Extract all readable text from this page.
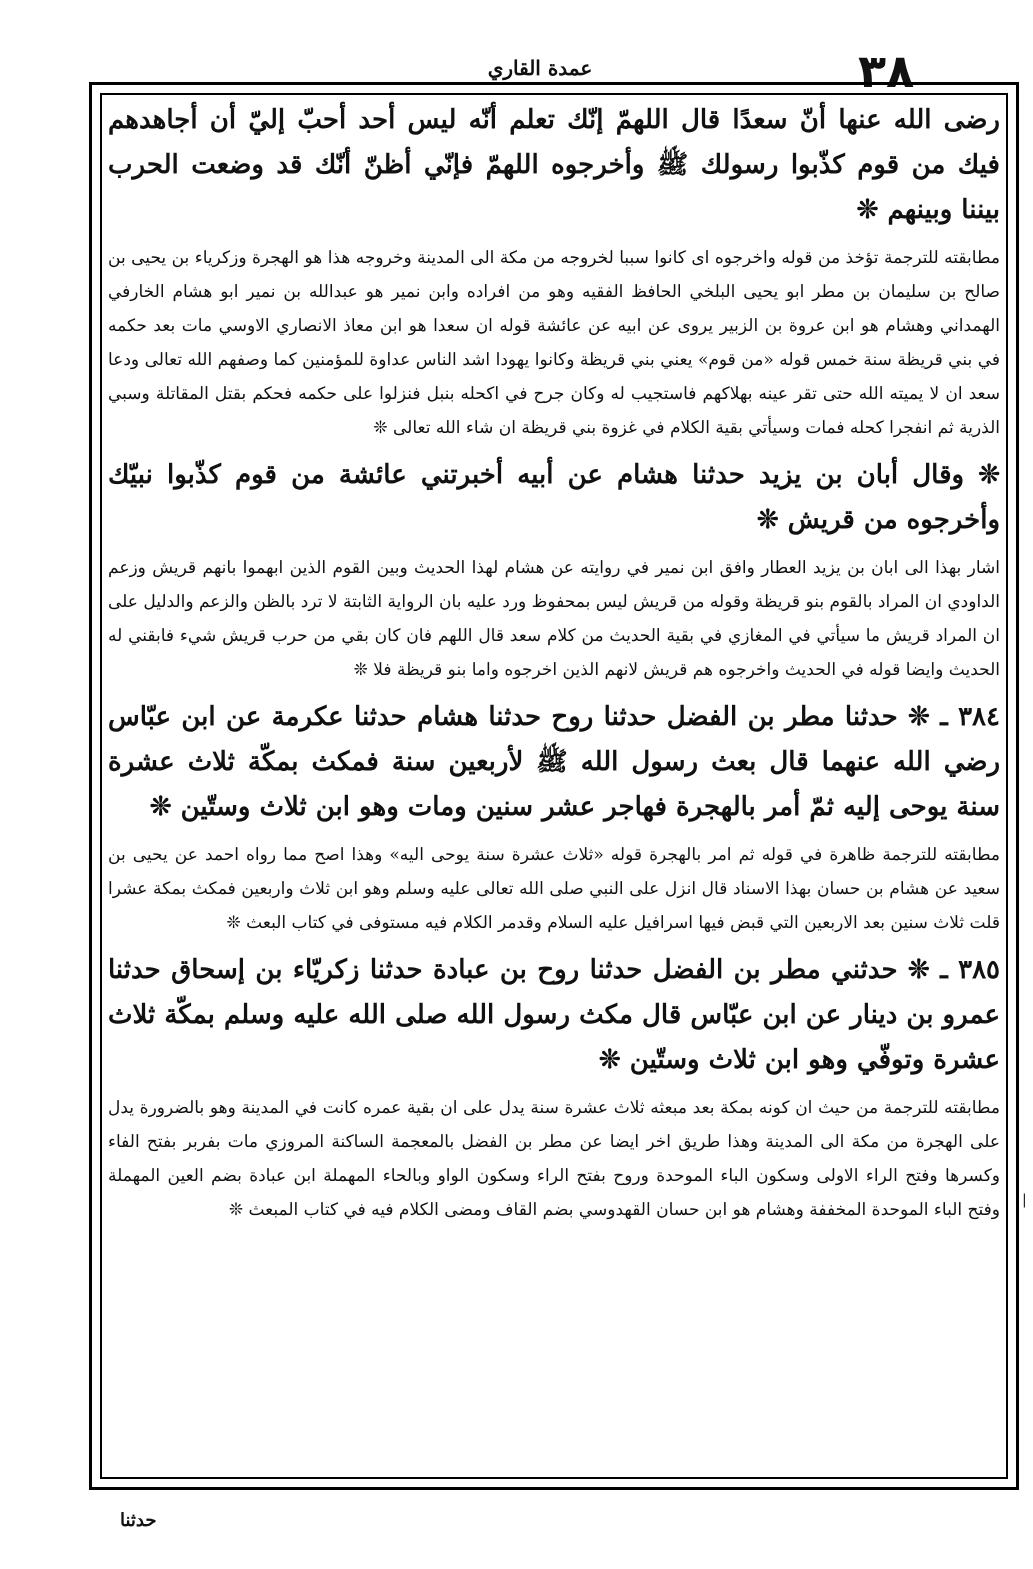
٣٨
عمدة القاري

رضی الله عنها أنّ سعدًا قال اللهمّ إنّك تعلم أنّه ليس أحد أحبّ إليّ أن أجاهدهم فيك من قوم كذّبوا رسولك ﷺ وأخرجوه اللهمّ فإنّي أظنّ أنّك قد وضعت الحرب بيننا وبينهم ❊

مطابقته للترجمة تؤخذ من قوله واخرجوه اى كانوا سببا لخروجه من مكة الى المدينة وخروجه هذا هو الهجرة وزكرياء بن يحيى بن صالح بن سليمان بن مطر ابو يحيى البلخي الحافظ الفقيه وهو من افراده وابن نمير هو عبدالله بن نمير ابو هشام الخارفي الهمداني وهشام هو ابن عروة بن الزبير يروى عن ابيه عن عائشة قوله ان سعدا هو ابن معاذ الانصاري الاوسي مات بعد حكمه في بني قريظة سنة خمس قوله «من قوم» يعني بني قريظة وكانوا يهودا اشد الناس عداوة للمؤمنين كما وصفهم الله تعالى ودعا سعد ان لا يميته الله حتى تقر عينه بهلاكهم فاستجيب له وكان جرح في اكحله بنبل فنزلوا على حكمه فحكم بقتل المقاتلة وسبي الذرية ثم انفجرا كحله فمات وسيأتي بقية الكلام في غزوة بني قريظة ان شاء الله تعالى ❊

❊ وقال أبان بن يزيد حدثنا هشام عن أبيه أخبرتني عائشة من قوم كذّبوا نبيّك وأخرجوه من قريش ❊

اشار بهذا الى ابان بن يزيد العطار وافق ابن نمير في روايته عن هشام لهذا الحديث وبين القوم الذين ابهموا بانهم قريش وزعم الداودي ان المراد بالقوم بنو قريظة وقوله من قريش ليس بمحفوظ ورد عليه بان الرواية الثابتة لا ترد بالظن والزعم والدليل على ان المراد قريش ما سيأتي في المغازي في بقية الحديث من كلام سعد قال اللهم فان كان بقي من حرب قريش شيء فابقني له الحديث وايضا قوله في الحديث واخرجوه هم قريش لانهم الذين اخرجوه واما بنو قريظة فلا ❊

٣٨٤ ـ ❊ حدثنا مطر بن الفضل حدثنا روح حدثنا هشام حدثنا عكرمة عن ابن عبّاس رضي الله عنهما قال بعث رسول الله ﷺ لأربعين سنة فمكث بمكّة ثلاث عشرة سنة يوحى إليه ثمّ أمر بالهجرة فهاجر عشر سنين ومات وهو ابن ثلاث وستّين ❊

مطابقته للترجمة ظاهرة في قوله ثم امر بالهجرة قوله «ثلاث عشرة سنة يوحى اليه» وهذا اصح مما رواه احمد عن يحيى بن سعيد عن هشام بن حسان بهذا الاسناد قال انزل على النبي صلى الله تعالى عليه وسلم وهو ابن ثلاث واربعين فمكث بمكة عشرا قلت ثلاث سنين بعد الاربعين التي قبض فيها اسرافيل عليه السلام وقدمر الكلام فيه مستوفى في كتاب البعث ❊

٣٨٥ ـ ❊ حدثني مطر بن الفضل حدثنا روح بن عبادة حدثنا زكريّاء بن إسحاق حدثنا عمرو بن دينار عن ابن عبّاس قال مكث رسول الله صلى الله عليه وسلم بمكّة ثلاث عشرة وتوفّي وهو ابن ثلاث وستّين ❊

مطابقته للترجمة من حيث ان كونه بمكة بعد مبعثه ثلاث عشرة سنة يدل على ان بقية عمره كانت في المدينة وهو بالضرورة يدل على الهجرة من مكة الى المدينة وهذا طريق اخر ايضا عن مطر بن الفضل بالمعجمة الساكنة المروزي مات بفربر بفتح الفاء وكسرها وفتح الراء الاولى وسكون الباء الموحدة وروح بفتح الراء وسكون الواو وبالحاء المهملة ابن عبادة بضم العين المهملة وفتح الباء الموحدة المخففة وهشام هو ابن حسان القهدوسي بضم القاف ومضى الكلام فيه في كتاب المبعث ❊

حدثنا
|
